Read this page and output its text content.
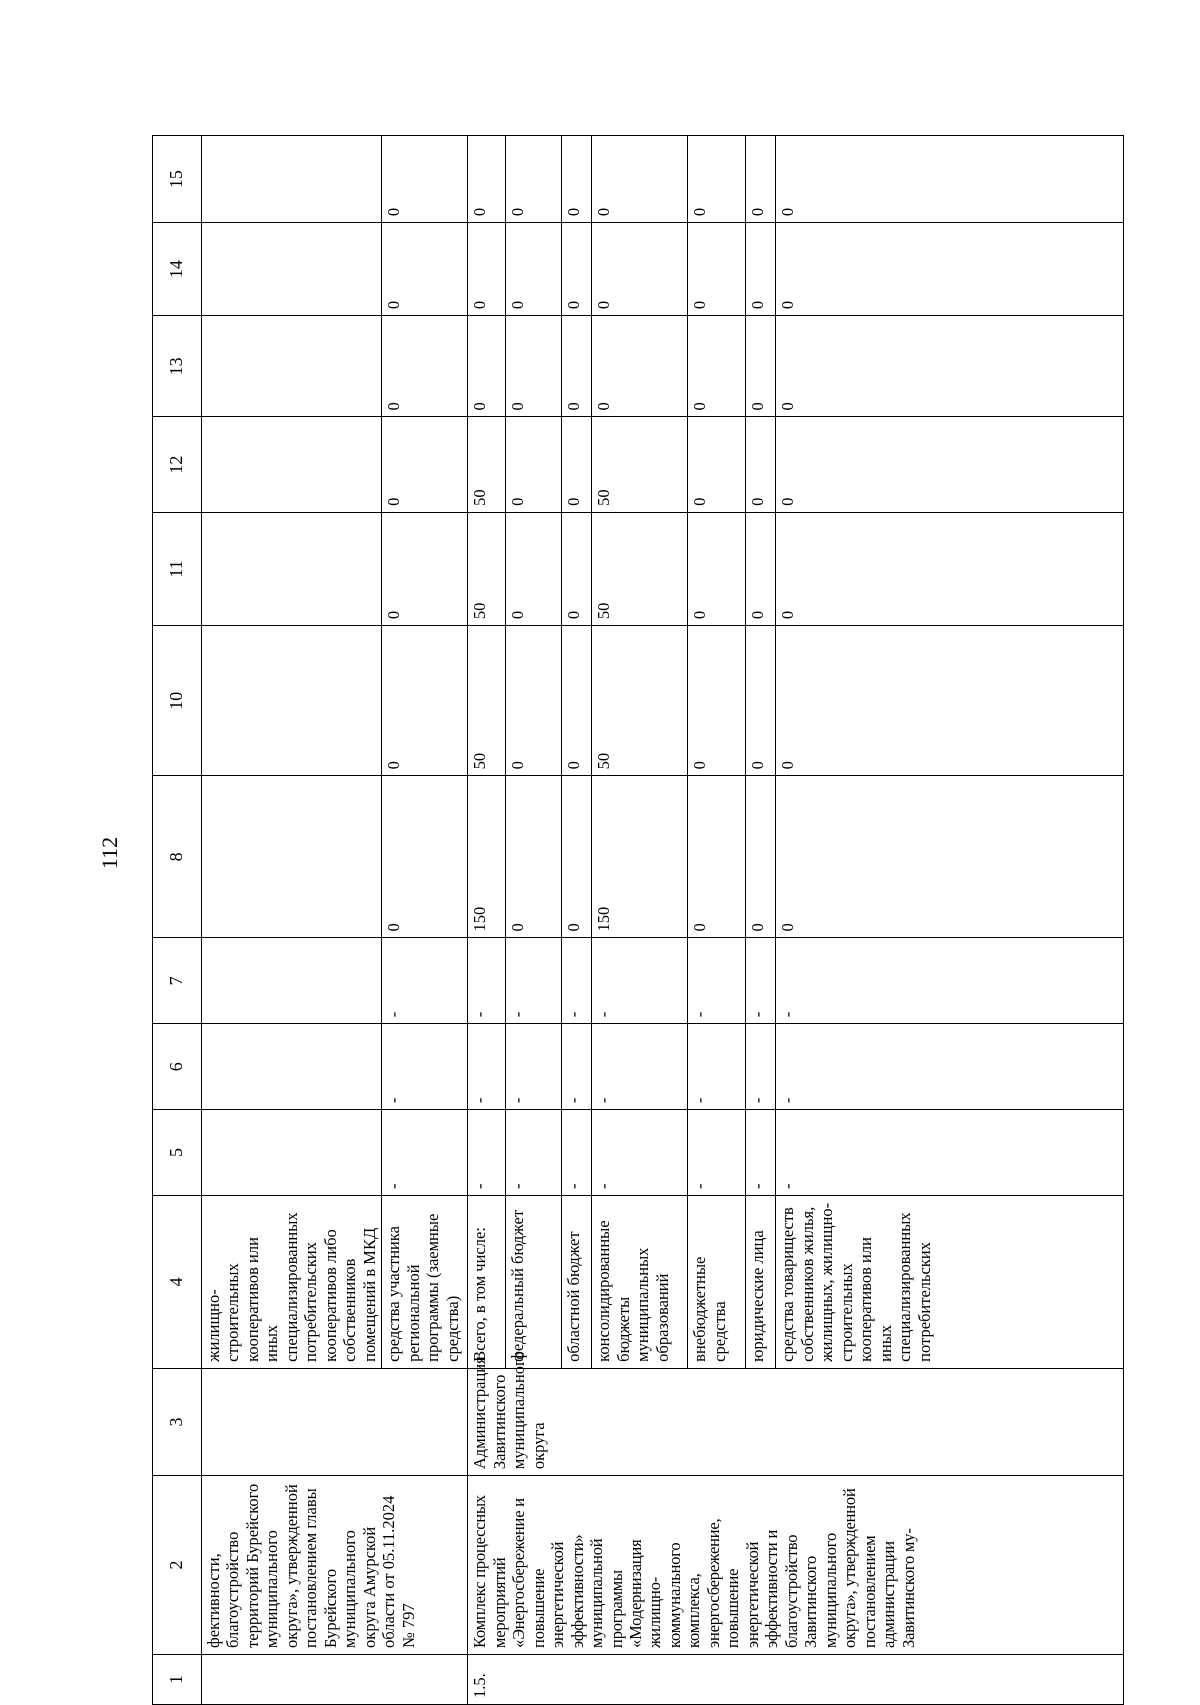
112
1	2	3	4	5	6	7	8	10	11	12	13	14	15
	фективности, благоустройство территорий Бурейского муниципального округа», утвержденной постановлением главы Бурейского муниципального округа Амурской области от 05.11.2024 № 797		жилищно-строительных кооперативов или иных специализированных потребительских кооперативов либо собственников помещений в МКД										
			средства участника региональной программы (заемные средства)	-	-	-	0	0	0	0	0	0	0
1.5.	Комплекс процессных мероприятий «Энергосбережение и повышение энергетической эффективности» муниципальной программы «Модернизация жилищно-коммунального комплекса, энергосбережение, повышение энергетической эффективности и благоустройство Завитинского муниципального округа», утвержденной постановлением администрации Завитинского му-	Администрация Завитинского муниципального округа	Всего, в том числе:	-	-	-	150	50	50	50	0	0	0
			федеральный бюджет	-	-	-	0	0	0	0	0	0	0
			областной бюджет	-	-	-	0	0	0	0	0	0	0
			консолидированные бюджеты муниципальных образований	-	-	-	150	50	50	50	0	0	0
			внебюджетные средства	-	-	-	0	0	0	0	0	0	0
			юридические лица	-	-	-	0	0	0	0	0	0	0
			средства товариществ собственников жилья, жилищных, жилищно-строительных кооперативов или иных специализированных потребительских	-	-	-	0	0	0	0	0	0	0
